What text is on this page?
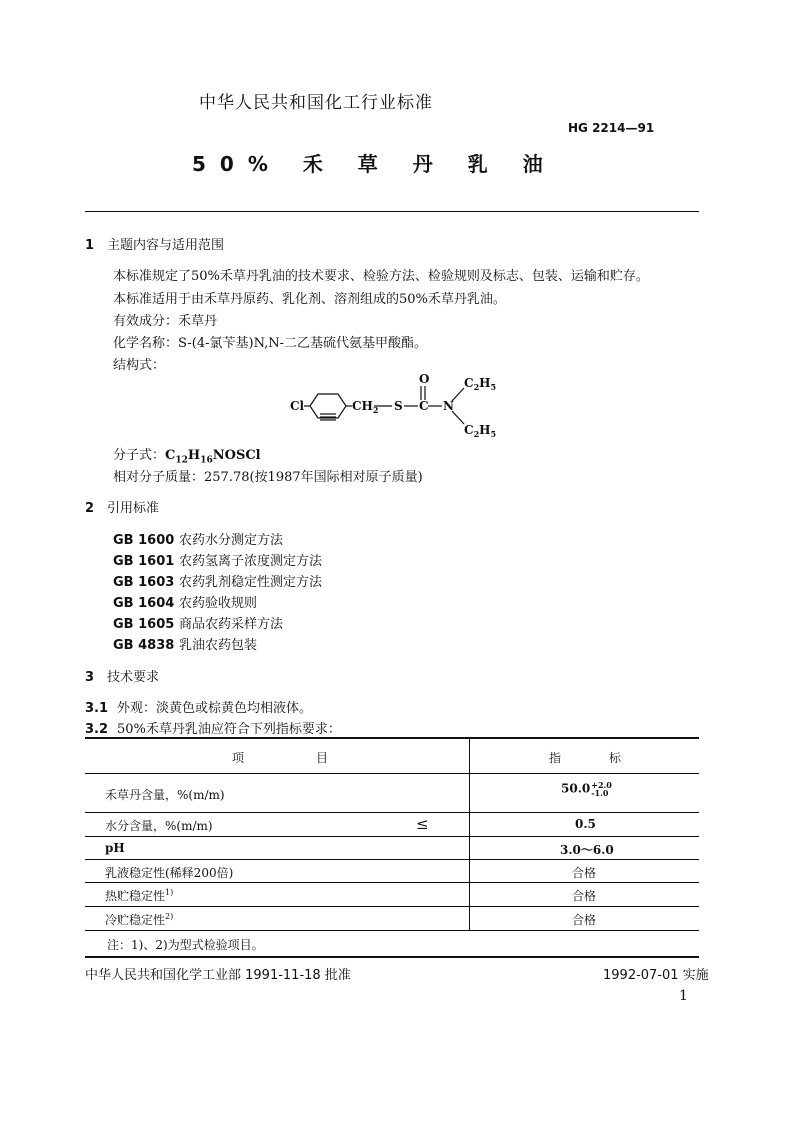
中华人民共和国化工行业标准
HG 2214—91
50% 禾 草 丹 乳 油
1 主题内容与适用范围
本标准规定了50%禾草丹乳油的技术要求、检验方法、检验规则及标志、包装、运输和贮存。
本标准适用于由禾草丹原药、乳化剂、溶剂组成的50%禾草丹乳油。
有效成分：禾草丹
化学名称：S-(4-氯苄基)N,N-二乙基硫代氨基甲酸酯。
结构式：
Cl	$CH_2$ S C
O
N
$C_2H_5$
$C_2H_5$
分子式：$C_{12}H_{16}NOSCl$
相对分子质量：257.78(按1987年国际相对原子质量)
2 引用标准
GB 1600 农药水分测定方法
GB 1601 农药氢离子浓度测定方法
GB 1603 农药乳剂稳定性测定方法
GB 1604 农药验收规则
GB 1605 商品农药采样方法
GB 4838 乳油农药包装
3 技术要求
3.1 外观：淡黄色或棕黄色均相液体。
3.2 50%禾草丹乳油应符合下列指标要求：
项	目	指	标
禾草丹含量，%(m/m)	50.0+2.0
-1.0
水分含量，%(m/m)	≤	0.5
pH	3.0～6.0
乳液稳定性(稀释200倍)	合格
热贮稳定性$^{1)}$	合格
冷贮稳定性$^{2)}$	合格
注：1)、2)为型式检验项目。
中华人民共和国化学工业部 1991-11-18 批准	1992-07-01 实施
1
